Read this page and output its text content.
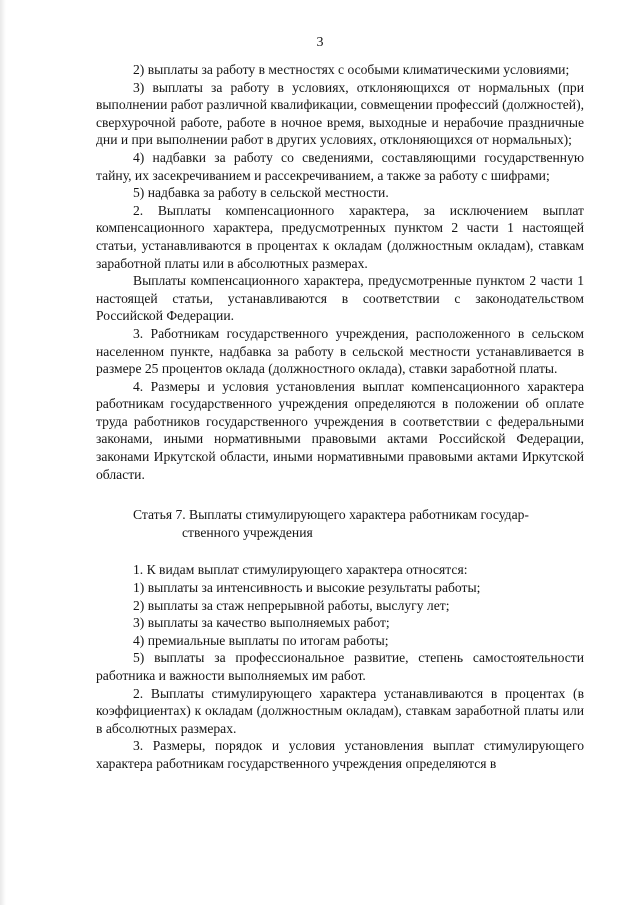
3

2) выплаты за работу в местностях с особыми климатическими условиями;

3) выплаты за работу в условиях, отклоняющихся от нормальных (при выполнении работ различной квалификации, совмещении профессий (должностей), сверхурочной работе, работе в ночное время, выходные и нерабочие праздничные дни и при выполнении работ в других условиях, отклоняющихся от нормальных);

4) надбавки за работу со сведениями, составляющими государственную тайну, их засекречиванием и рассекречиванием, а также за работу с шифрами;

5) надбавка за работу в сельской местности.

2. Выплаты компенсационного характера, за исключением выплат компенсационного характера, предусмотренных пунктом 2 части 1 настоящей статьи, устанавливаются в процентах к окладам (должностным окладам), ставкам заработной платы или в абсолютных размерах.

Выплаты компенсационного характера, предусмотренные пунктом 2 части 1 настоящей статьи, устанавливаются в соответствии с законодательством Российской Федерации.

3. Работникам государственного учреждения, расположенного в сельском населенном пункте, надбавка за работу в сельской местности устанавливается в размере 25 процентов оклада (должностного оклада), ставки заработной платы.

4. Размеры и условия установления выплат компенсационного характера работникам государственного учреждения определяются в положении об оплате труда работников государственного учреждения в соответствии с федеральными законами, иными нормативными правовыми актами Российской Федерации, законами Иркутской области, иными нормативными правовыми актами Иркутской области.

Статья 7. Выплаты стимулирующего характера работникам государ-
ственного учреждения

1. К видам выплат стимулирующего характера относятся:

1) выплаты за интенсивность и высокие результаты работы;

2) выплаты за стаж непрерывной работы, выслугу лет;

3) выплаты за качество выполняемых работ;

4) премиальные выплаты по итогам работы;

5) выплаты за профессиональное развитие, степень самостоятельности работника и важности выполняемых им работ.

2. Выплаты стимулирующего характера устанавливаются в процентах (в коэффициентах) к окладам (должностным окладам), ставкам заработной платы или в абсолютных размерах.

3. Размеры, порядок и условия установления выплат стимулирующего характера работникам государственного учреждения определяются в
